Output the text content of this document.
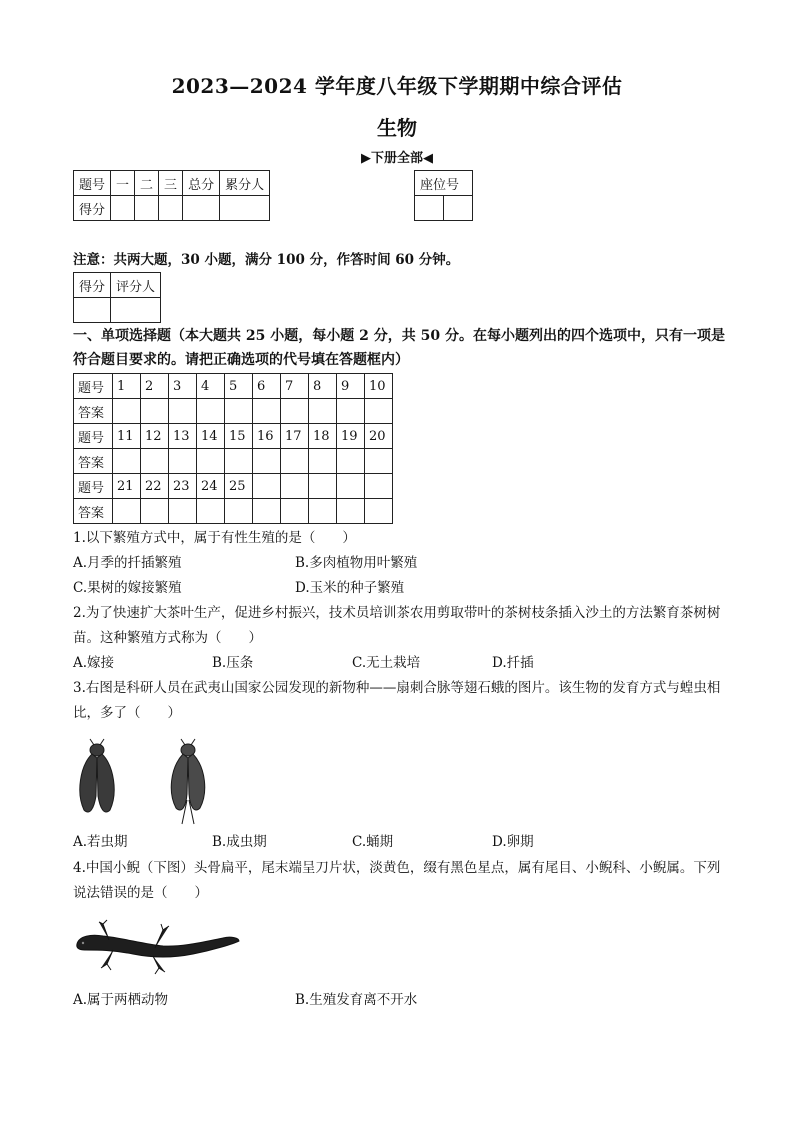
2023—2024 学年度八年级下学期期中综合评估
生物
▶下册全部◀
题号	一	二	三	总分	累分人
得分					
座位号

注意：共两大题，30 小题，满分 100 分，作答时间 60 分钟。
得分	评分人

一、单项选择题（本大题共 25 小题，每小题 2 分，共 50 分。在每小题列出的四个选项中，只有一项是符合题目要求的。请把正确选项的代号填在答题框内）
题号	1	2	3	4	5	6	7	8	9	10
答案										
题号	11	12	13	14	15	16	17	18	19	20
答案										
题号	21	22	23	24	25					
答案										
1.以下繁殖方式中，属于有性生殖的是（　　）
A.月季的扦插繁殖	B.多肉植物用叶繁殖
C.果树的嫁接繁殖	D.玉米的种子繁殖
2.为了快速扩大茶叶生产，促进乡村振兴，技术员培训茶农用剪取带叶的茶树枝条插入沙土的方法繁育茶树树苗。这种繁殖方式称为（　　）
A.嫁接	B.压条	C.无土栽培	D.扦插
3.右图是科研人员在武夷山国家公园发现的新物种——扇刺合脉等翅石蛾的图片。该生物的发育方式与蝗虫相比，多了（　　）
A.若虫期	B.成虫期	C.蛹期	D.卵期
4.中国小鲵（下图）头骨扁平，尾末端呈刀片状，淡黄色，缀有黑色星点，属有尾目、小鲵科、小鲵属。下列说法错误的是（　　）
A.属于两栖动物	B.生殖发育离不开水
